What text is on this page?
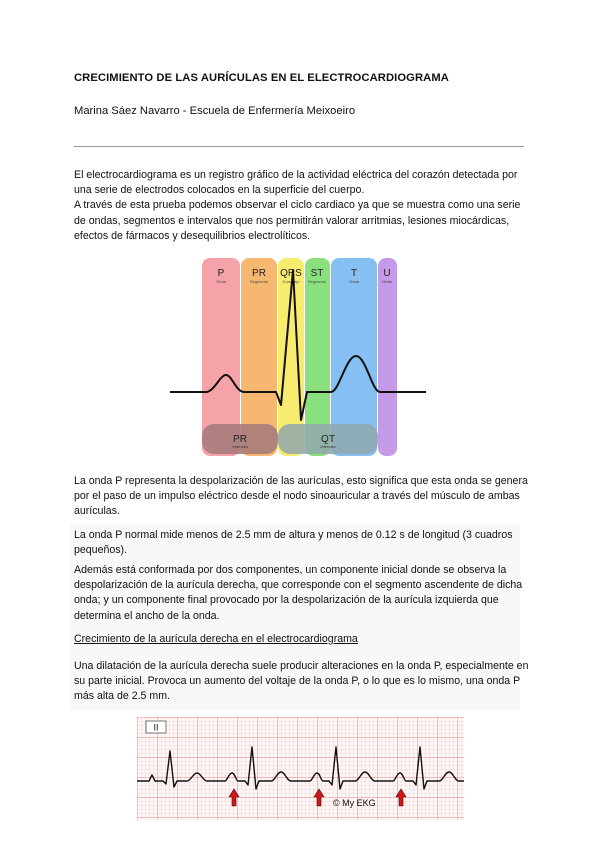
CRECIMIENTO DE LAS AURÍCULAS EN EL ELECTROCARDIOGRAMA
Marina Sáez Navarro - Escuela de Enfermería Meixoeiro
El electrocardiograma es un registro gráfico de la actividad eléctrica del corazón detectada por una serie de electrodos colocados en la superficie del cuerpo.
A través de esta prueba podemos observar el ciclo cardiaco ya que se muestra como una serie de ondas, segmentos e intervalos que nos permitirán valorar arritmias, lesiones miocárdicas, efectos de fármacos y desequilibrios electrolíticos.
P	PR QRS ST	T	U
Onda	Segmento	Complejo Segmento	Onda	Onda
PR
Intervalo
QT
Intervalo
La onda P representa la despolarización de las aurículas, esto significa que esta onda se genera por el paso de un impulso eléctrico desde el nodo sinoauricular a través del músculo de ambas aurículas.
La onda P normal mide menos de 2.5 mm de altura y menos de 0.12 s de longitud (3 cuadros pequeños).
Además está conformada por dos componentes, un componente inicial donde se observa la despolarización de la aurícula derecha, que corresponde con el segmento ascendente de dicha onda; y un componente final provocado por la despolarización de la aurícula izquierda que determina el ancho de la onda.
Crecimiento de la aurícula derecha en el electrocardiograma
Una dilatación de la aurícula derecha suele producir alteraciones en la onda P, especialmente en su parte inicial. Provoca un aumento del voltaje de la onda P, o lo que es lo mismo, una onda P más alta de 2.5 mm.
II
© My EKG
